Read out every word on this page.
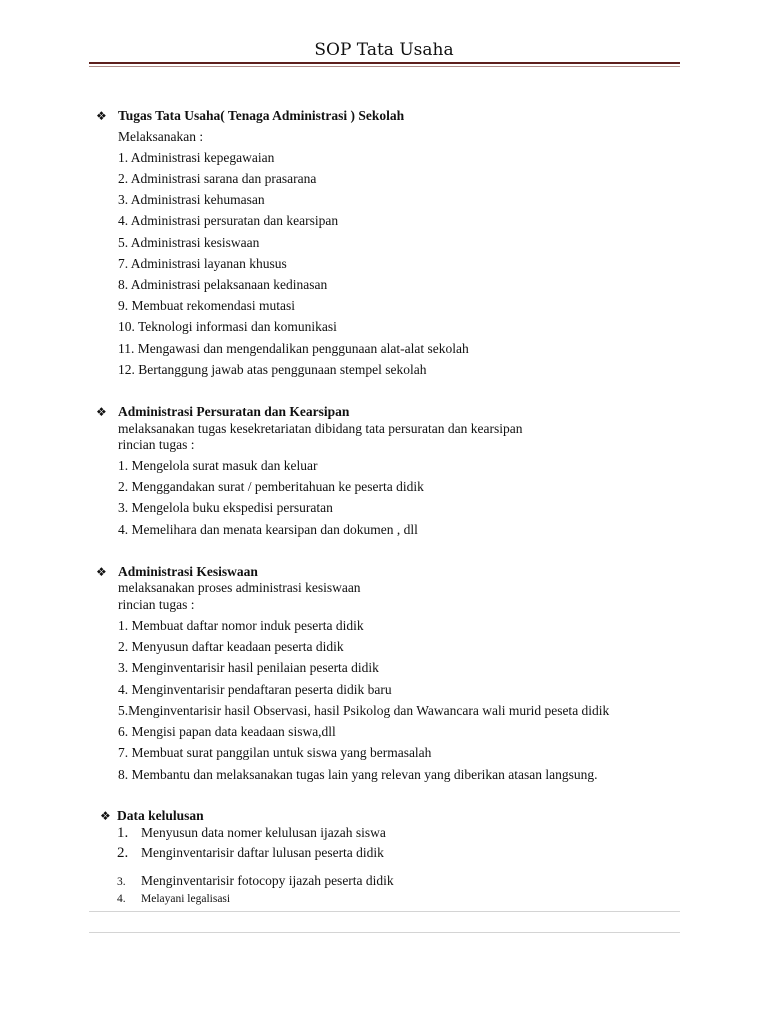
SOP Tata Usaha
❖ Tugas Tata Usaha( Tenaga Administrasi ) Sekolah
Melaksanakan :
1. Administrasi kepegawaian
2. Administrasi sarana dan prasarana
3. Administrasi kehumasan
4. Administrasi persuratan dan kearsipan
5. Administrasi kesiswaan
7. Administrasi layanan khusus
8. Administrasi pelaksanaan kedinasan
9. Membuat rekomendasi mutasi
10. Teknologi informasi dan komunikasi
11. Mengawasi dan mengendalikan penggunaan alat-alat sekolah
12. Bertanggung jawab atas penggunaan stempel sekolah
❖ Administrasi Persuratan dan Kearsipan
melaksanakan tugas kesekretariatan dibidang tata persuratan dan kearsipan
rincian tugas :
1. Mengelola surat masuk dan keluar
2. Menggandakan surat / pemberitahuan ke peserta didik
3. Mengelola buku ekspedisi persuratan
4. Memelihara dan menata kearsipan dan dokumen , dll
❖ Administrasi Kesiswaan
melaksanakan proses administrasi kesiswaan
rincian tugas :
1. Membuat daftar nomor induk peserta didik
2. Menyusun daftar keadaan peserta didik
3. Menginventarisir hasil penilaian peserta didik
4. Menginventarisir pendaftaran peserta didik baru
5.Menginventarisir hasil Observasi, hasil Psikolog dan Wawancara wali murid peseta didik
6. Mengisi papan data keadaan siswa,dll
7. Membuat surat panggilan untuk siswa yang bermasalah
8. Membantu dan melaksanakan tugas lain yang relevan yang diberikan atasan langsung.
❖ Data kelulusan
1. Menyusun data nomer kelulusan ijazah siswa
2. Menginventarisir daftar lulusan peserta didik
3. Menginventarisir fotocopy ijazah peserta didik
4. Melayani legalisasi
